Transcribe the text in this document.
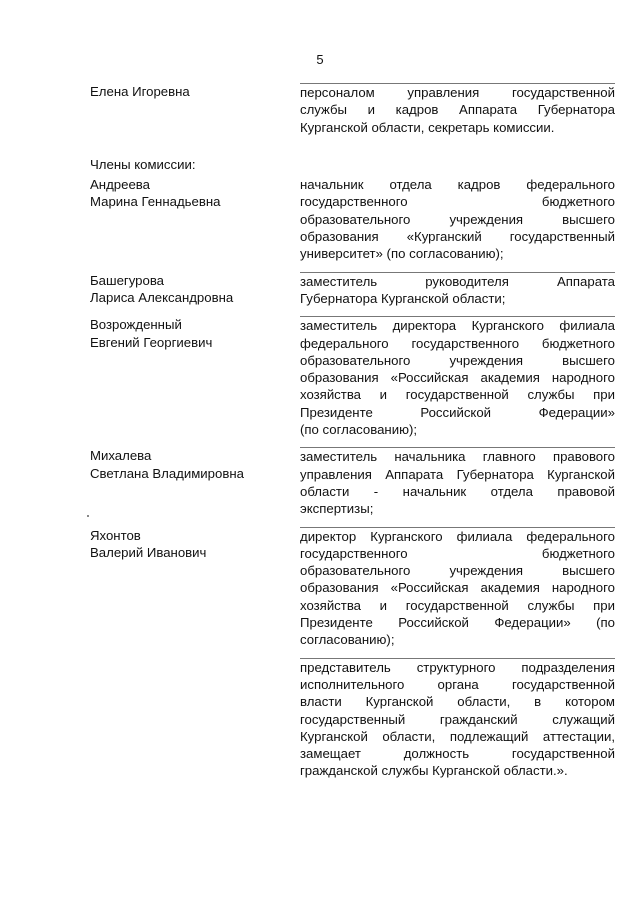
5
Елена Игоревна	персоналом управления государственной
службы и кадров Аппарата Губернатора
Курганской области, секретарь комиссии.
Члены комиссии:
Андреева
Марина Геннадьевна
начальник отдела кадров федерального
государственного бюджетного
образовательного учреждения высшего
образования «Курганский государственный
университет» (по согласованию);
Башегурова
Лариса Александровна
заместитель руководителя Аппарата
Губернатора Курганской области;
Возрожденный
Евгений Георгиевич
заместитель директора Курганского филиала
федерального государственного бюджетного
образовательного учреждения высшего
образования «Российская академия народного
хозяйства и государственной службы при
Президенте Российской Федерации»
(по согласованию);
Михалева
Светлана Владимировна
заместитель начальника главного правового
управления Аппарата Губернатора Курганской
области - начальник отдела правовой
экспертизы;
Яхонтов
Валерий Иванович
директор Курганского филиала федерального
государственного бюджетного
образовательного учреждения высшего
образования «Российская академия народного
хозяйства и государственной службы при
Президенте Российской Федерации» (по
согласованию);
представитель структурного подразделения
исполнительного органа государственной
власти Курганской области, в котором
государственный гражданский служащий
Курганской области, подлежащий аттестации,
замещает должность государственной
гражданской службы Курганской области.».
